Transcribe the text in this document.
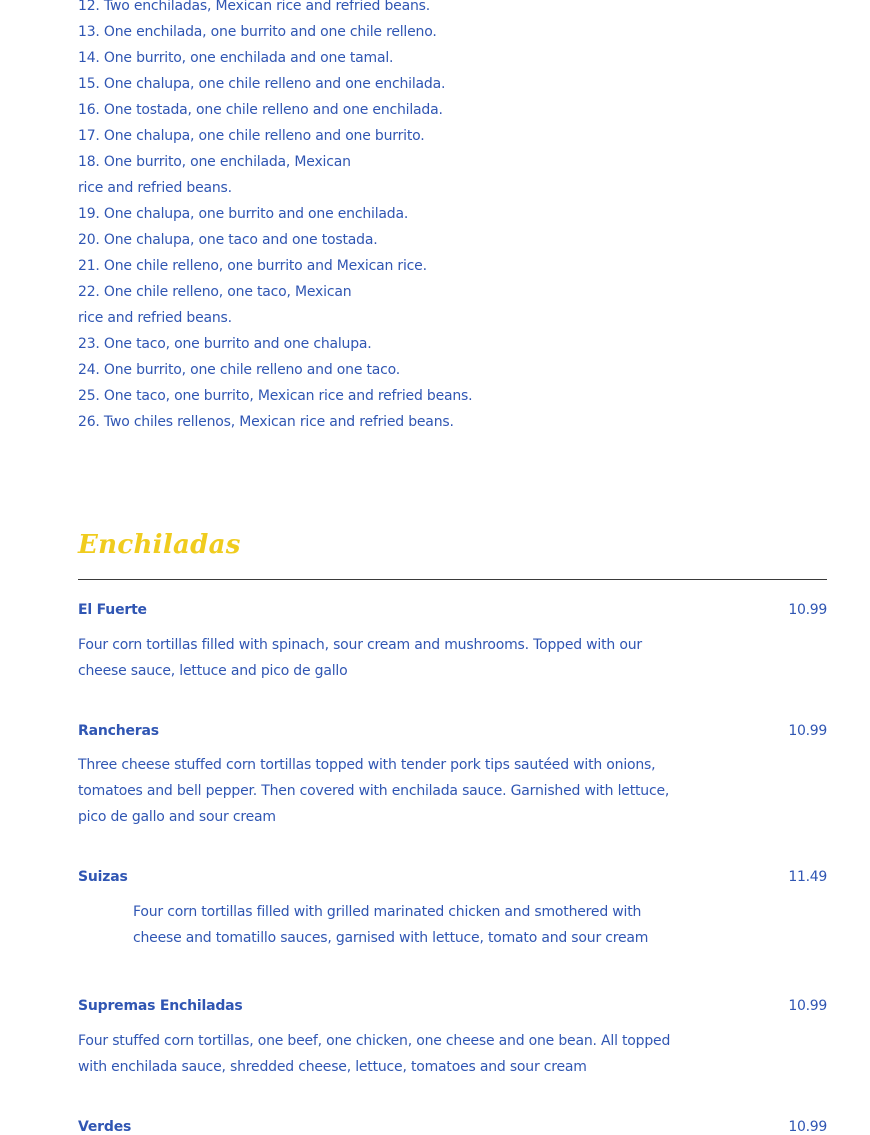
12. Two enchiladas, Mexican rice and refried beans.
13. One enchilada, one burrito and one chile relleno.
14. One burrito, one enchilada and one tamal.
15. One chalupa, one chile relleno and one enchilada.
16. One tostada, one chile relleno and one enchilada.
17. One chalupa, one chile relleno and one burrito.
18. One burrito, one enchilada, Mexican
rice and refried beans.
19. One chalupa, one burrito and one enchilada.
20. One chalupa, one taco and one tostada.
21. One chile relleno, one burrito and Mexican rice.
22. One chile relleno, one taco, Mexican
rice and refried beans.
23. One taco, one burrito and one chalupa.
24. One burrito, one chile relleno and one taco.
25. One taco, one burrito, Mexican rice and refried beans.
26. Two chiles rellenos, Mexican rice and refried beans.
Enchiladas
El Fuerte	10.99
Four corn tortillas filled with spinach, sour cream and mushrooms. Topped with our cheese sauce, lettuce and pico de gallo
Rancheras	10.99
Three cheese stuffed corn tortillas topped with tender pork tips sautéed with onions, tomatoes and bell pepper. Then covered with enchilada sauce. Garnished with lettuce, pico de gallo and sour cream
Suizas	11.49
Four corn tortillas filled with grilled marinated chicken and smothered with cheese and tomatillo sauces, garnised with lettuce, tomato and sour cream
Supremas Enchiladas	10.99
Four stuffed corn tortillas, one beef, one chicken, one cheese and one bean. All topped with enchilada sauce, shredded cheese, lettuce, tomatoes and sour cream
Verdes	10.99
